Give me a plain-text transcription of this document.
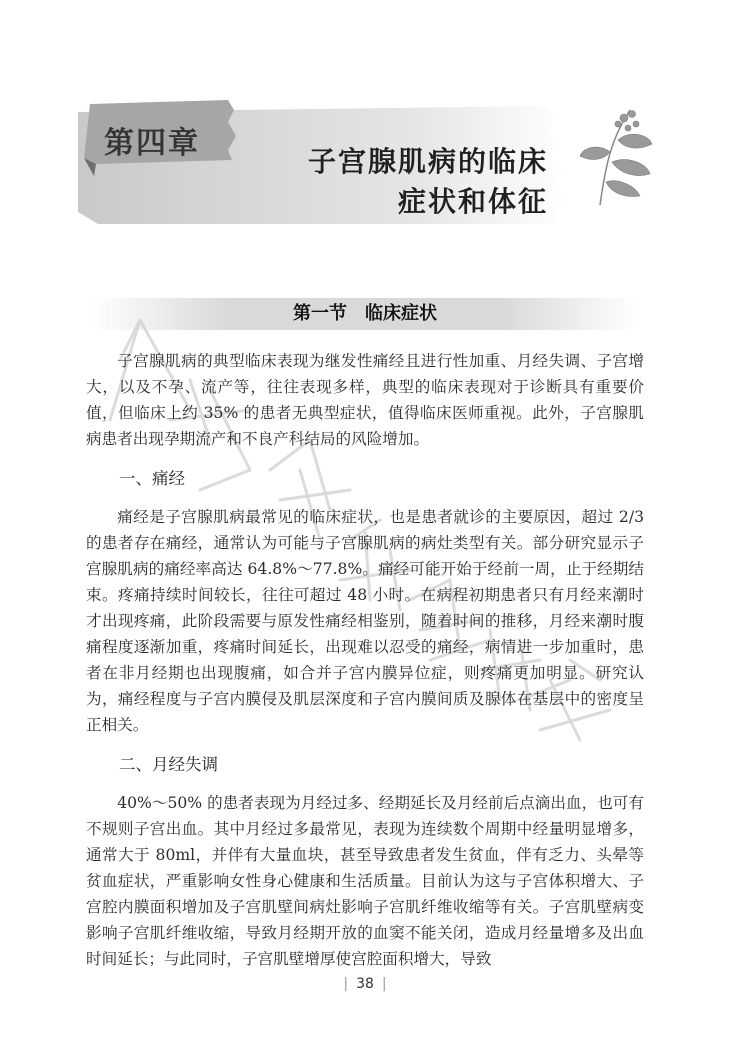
第四章
子宫腺肌病的临床
症状和体征
第一节　临床症状

子宫腺肌病的典型临床表现为继发性痛经且进行性加重、月经失调、子宫增大，以及不孕、流产等，往往表现多样，典型的临床表现对于诊断具有重要价值，但临床上约 35% 的患者无典型症状，值得临床医师重视。此外，子宫腺肌病患者出现孕期流产和不良产科结局的风险增加。

一、痛经

痛经是子宫腺肌病最常见的临床症状，也是患者就诊的主要原因，超过 2/3 的患者存在痛经，通常认为可能与子宫腺肌病的病灶类型有关。部分研究显示子宫腺肌病的痛经率高达 64.8%～77.8%。痛经可能开始于经前一周，止于经期结束。疼痛持续时间较长，往往可超过 48 小时。在病程初期患者只有月经来潮时才出现疼痛，此阶段需要与原发性痛经相鉴别，随着时间的推移，月经来潮时腹痛程度逐渐加重，疼痛时间延长，出现难以忍受的痛经，病情进一步加重时，患者在非月经期也出现腹痛，如合并子宫内膜异位症，则疼痛更加明显。研究认为，痛经程度与子宫内膜侵及肌层深度和子宫内膜间质及腺体在基层中的密度呈正相关。

二、月经失调

40%～50% 的患者表现为月经过多、经期延长及月经前后点滴出血，也可有不规则子宫出血。其中月经过多最常见，表现为连续数个周期中经量明显增多，通常大于 80ml，并伴有大量血块，甚至导致患者发生贫血，伴有乏力、头晕等贫血症状，严重影响女性身心健康和生活质量。目前认为这与子宫体积增大、子宫腔内膜面积增加及子宫肌壁间病灶影响子宫肌纤维收缩等有关。子宫肌壁病变影响子宫肌纤维收缩，导致月经期开放的血窦不能关闭，造成月经量增多及出血时间延长；与此同时，子宫肌壁增厚使宫腔面积增大，导致

| 38 |
